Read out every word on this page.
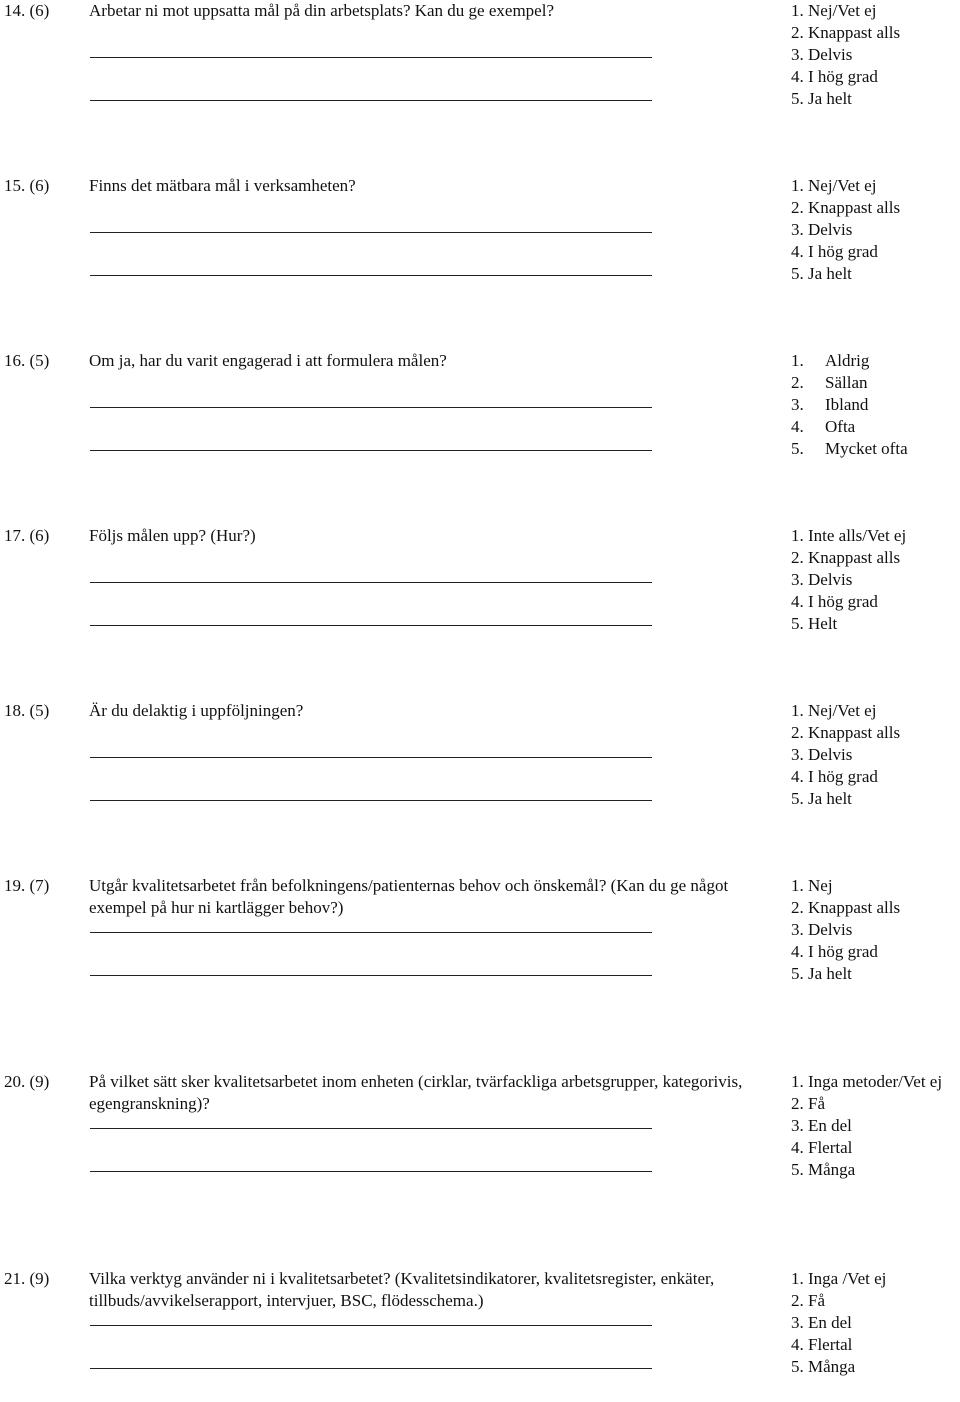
14. (6) Arbetar ni mot uppsatta mål på din arbetsplats? Kan du ge exempel?	1. Nej/Vet ej
2. Knappast alls
3. Delvis
4. I hög grad
5. Ja helt
15. (6) Finns det mätbara mål i verksamheten?	1. Nej/Vet ej
2. Knappast alls
3. Delvis
4. I hög grad
5. Ja helt
16. (5) Om ja, har du varit engagerad i att formulera målen?	1. Aldrig
2. Sällan
3. Ibland
4. Ofta
5. Mycket ofta
17. (6) Följs målen upp? (Hur?)	1. Inte alls/Vet ej
2. Knappast alls
3. Delvis
4. I hög grad
5. Helt
18. (5) Är du delaktig i uppföljningen?	1. Nej/Vet ej
2. Knappast alls
3. Delvis
4. I hög grad
5. Ja helt
19. (7) Utgår kvalitetsarbetet från befolkningens/patienternas behov och önskemål? (Kan du ge något exempel på hur ni kartlägger behov?)
1. Nej
2. Knappast alls
3. Delvis
4. I hög grad
5. Ja helt
20. (9) På vilket sätt sker kvalitetsarbetet inom enheten (cirklar, tvärfackliga arbetsgrupper, kategorivis, egengranskning)?
1. Inga metoder/Vet ej
2. Få
3. En del
4. Flertal
5. Många
21. (9) Vilka verktyg använder ni i kvalitetsarbetet? (Kvalitetsindikatorer, kvalitetsregister, enkäter, tillbuds/avvikelserapport, intervjuer, BSC, flödesschema.)
1. Inga /Vet ej
2. Få
3. En del
4. Flertal
5. Många
